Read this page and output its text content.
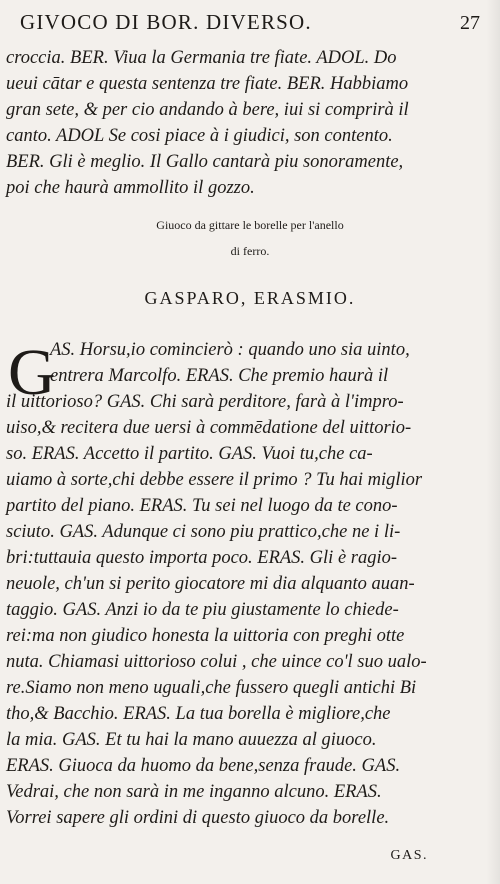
GIVOCO DI BOR. DIVERSO.	27
croccia. BER. Viua la Germania tre fiate. ADOL. Do
ueui cātar e questa sentenza tre fiate. BER. Habbiamo
gran sete, & per cio andando à bere, iui si comprirà il
canto. ADOL Se cosi piace à i giudici, son contento.
BER. Gli è meglio. Il Gallo cantarà piu sonoramente,
poi che haurà ammollito il gozzo.
Giuoco da gittare le borelle per l'anello
di ferro.
GASPARO, ERASMIO.
G
AS. Horsu,io comincierò : quando uno sia uinto,
entrera Marcolfo. ERAS. Che premio haurà il
il uittorioso? GAS. Chi sarà perditore, farà à l'impro-
uiso,& recitera due uersi à commēdatione del uittorio-
so. ERAS. Accetto il partito. GAS. Vuoi tu,che ca-
uiamo à sorte,chi debbe essere il primo ? Tu hai miglior
partito del piano. ERAS. Tu sei nel luogo da te cono-
sciuto. GAS. Adunque ci sono piu prattico,che ne i li-
bri:tuttauia questo importa poco. ERAS. Gli è ragio-
neuole, ch'un si perito giocatore mi dia alquanto auan-
taggio. GAS. Anzi io da te piu giustamente lo chiede-
rei:ma non giudico honesta la uittoria con preghi otte
nuta. Chiamasi uittorioso colui , che uince co'l suo ualo-
re.Siamo non meno uguali,che fussero quegli antichi Bi
tho,& Bacchio. ERAS. La tua borella è migliore,che
la mia. GAS. Et tu hai la mano auuezza al giuoco.
ERAS. Giuoca da huomo da bene,senza fraude. GAS.
Vedrai, che non sarà in me inganno alcuno. ERAS.
Vorrei sapere gli ordini di questo giuoco da borelle.
GAS.
